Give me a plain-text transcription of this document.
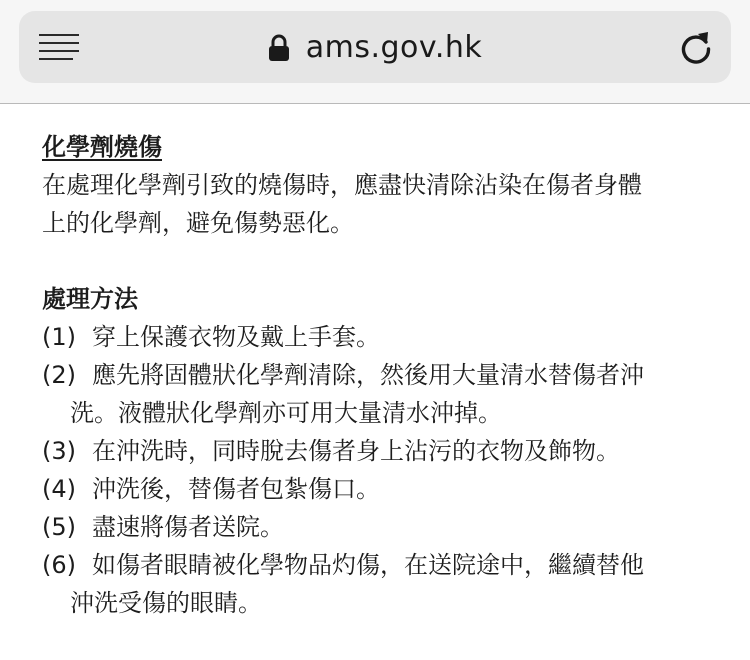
ams.gov.hk

化學劑燒傷

在處理化學劑引致的燒傷時，應盡快清除沾染在傷者身體
上的化學劑，避免傷勢惡化。

處理方法

(1) 穿上保護衣物及戴上手套。
(2) 應先將固體狀化學劑清除，然後用大量清水替傷者沖
洗。液體狀化學劑亦可用大量清水沖掉。
(3) 在沖洗時，同時脫去傷者身上沾污的衣物及飾物。
(4) 沖洗後，替傷者包紮傷口。
(5) 盡速將傷者送院。
(6) 如傷者眼睛被化學物品灼傷，在送院途中，繼續替他
沖洗受傷的眼睛。
